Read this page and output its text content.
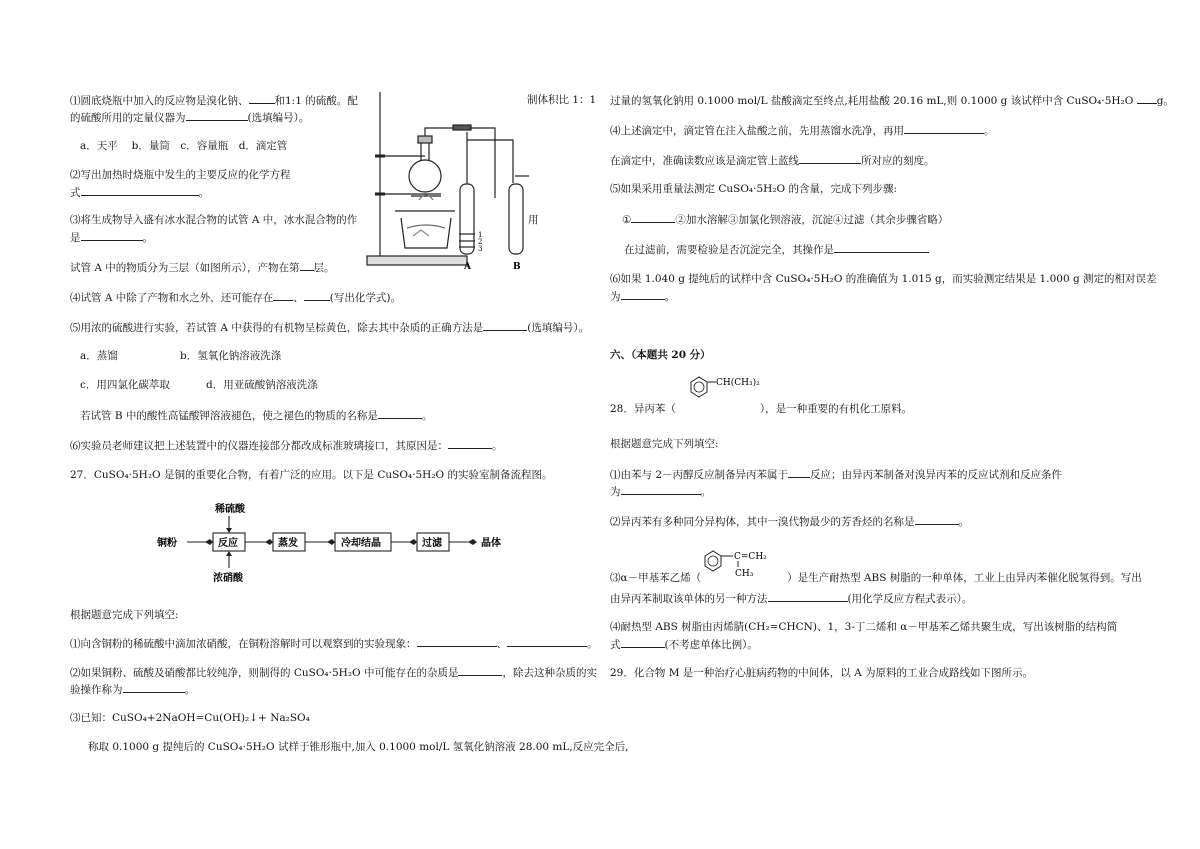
⑴圆底烧瓶中加入的反应物是溴化钠、 和1:1 的硫酸。配	制体积比 1：1
的硫酸所用的定量仪器为	(选填编号）。
a．天平　 b．量筒　c．容量瓶　d．滴定管
⑵写出加热时烧瓶中发生的主要反应的化学方程
式	。
⑶将生成物导入盛有冰水混合物的试管 A 中，冰水混合物的作	用
是	。
试管 A 中的物质分为三层（如图所示），产物在第 层。
⑷试管 A 中除了产物和水之外，还可能存在 、 (写出化学式)。
⑸用浓的硫酸进行实验，若试管 A 中获得的有机物呈棕黄色，除去其中杂质的正确方法是	(选填编号）。
a．蒸馏	b．氢氧化钠溶液洗涤
c．用四氯化碳萃取	d．用亚硫酸钠溶液洗涤
若试管 B 中的酸性高锰酸钾溶液褪色，使之褪色的物质的名称是	。
⑹实验员老师建议把上述装置中的仪器连接部分都改成标准玻璃接口，其原因是：	。
27．CuSO₄·5H₂O 是铜的重要化合物，有着广泛的应用。以下是 CuSO₄·5H₂O 的实验室制备流程图。
根据题意完成下列填空:
⑴向含铜粉的稀硫酸中滴加浓硝酸，在铜粉溶解时可以观察到的实验现象：	、	。
⑵如果铜粉、硫酸及硝酸都比较纯净，则制得的 CuSO₄·5H₂O 中可能存在的杂质是	，除去这种杂质的实
验操作称为	。
⑶已知：CuSO₄+2NaOH=Cu(OH)₂↓+ Na₂SO₄
称取 0.1000 g 提纯后的 CuSO₄·5H₂O 试样于锥形瓶中,加入 0.1000 mol/L 氢氧化钠溶液 28.00 mL,反应完全后,
A	B
1
2
3
稀硫酸
铜粉	反应	蒸发	冷却结晶	过滤	晶体
浓硝酸
过量的氢氧化钠用 0.1000 mol/L 盐酸滴定至终点,耗用盐酸 20.16 mL,则 0.1000 g 该试样中含 CuSO₄·5H₂O g。
⑷上述滴定中，滴定管在注入盐酸之前，先用蒸馏水洗净，再用	。
在滴定中，准确读数应该是滴定管上蓝线	所对应的刻度。
⑸如果采用重量法测定 CuSO₄·5H₂O 的含量，完成下列步骤:
①	②加水溶解③加氯化钡溶液，沉淀④过滤（其余步骤省略）
在过滤前，需要检验是否沉淀完全，其操作是
⑹如果 1.040 g 提纯后的试样中含 CuSO₄·5H₂O 的准确值为 1.015 g，而实验测定结果是 1.000 g 测定的相对误差
为	。
六、（本题共 20 分）
CH(CH₃)₂
28．异丙苯（	），是一种重要的有机化工原料。
根据题意完成下列填空:
⑴由苯与 2－丙醇反应制备异丙苯属于 反应；由异丙苯制备对溴异丙苯的反应试剂和反应条件
为	。
⑵异丙苯有多种同分异构体，其中一溴代物最少的芳香烃的名称是	。
C=CH₂
CH₃
⑶α－甲基苯乙烯（	）是生产耐热型 ABS 树脂的一种单体，工业上由异丙苯催化脱氢得到。写出
由异丙苯制取该单体的另一种方法	(用化学反应方程式表示）。
⑷耐热型 ABS 树脂由丙烯腈(CH₂=CHCN)、1，3-丁二烯和 α－甲基苯乙烯共聚生成，写出该树脂的结构简
式	(不考虑单体比例）。
29．化合物 M 是一种治疗心脏病药物的中间体，以 A 为原料的工业合成路线如下图所示。
